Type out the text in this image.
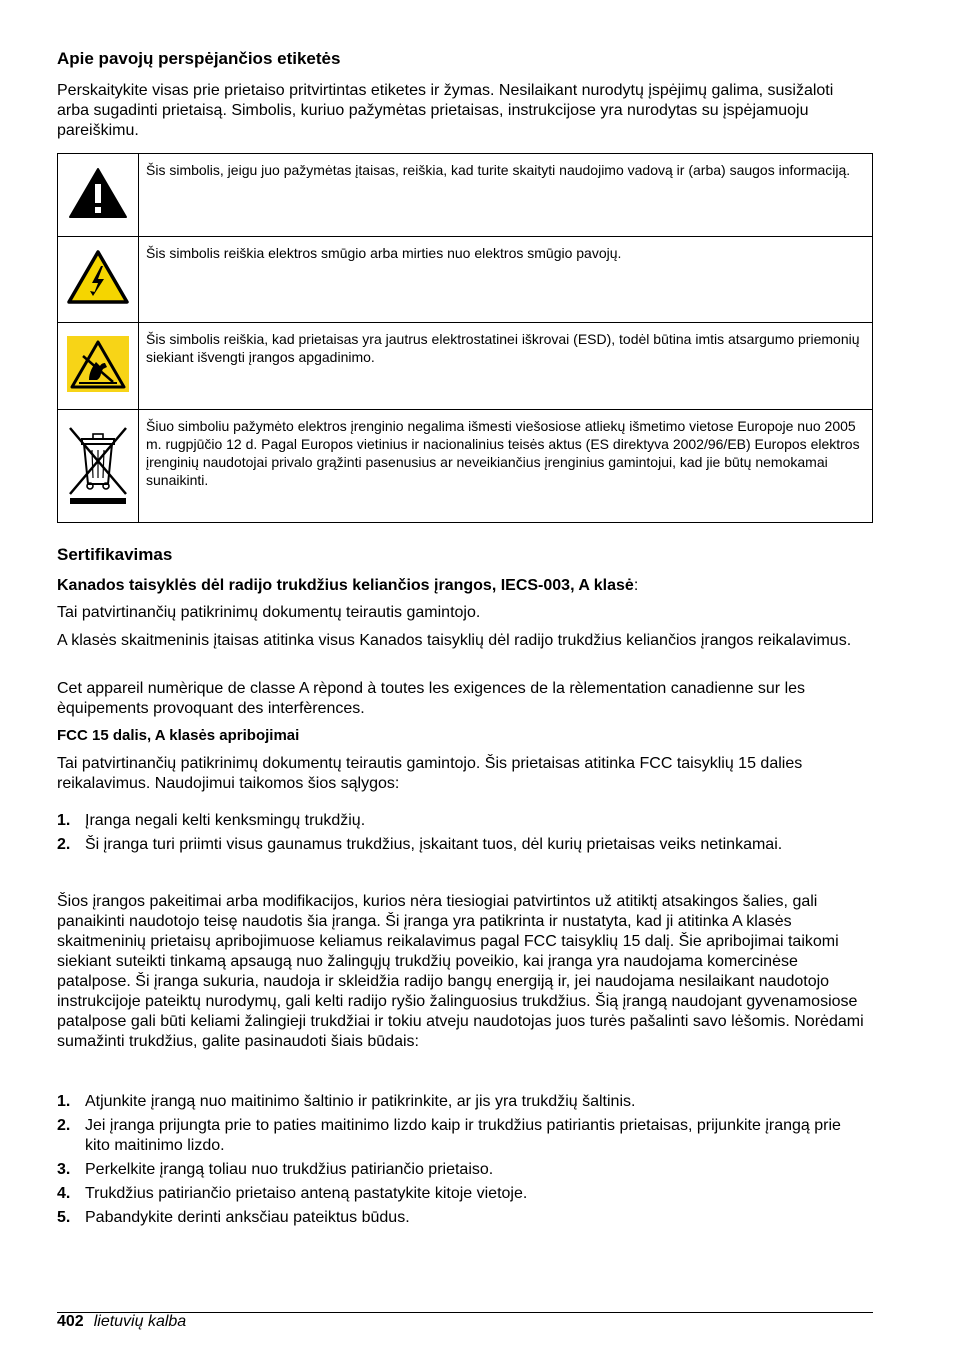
Apie pavojų perspėjančios etiketės

Perskaitykite visas prie prietaiso pritvirtintas etiketes ir žymas. Nesilaikant nurodytų įspėjimų galima, susižaloti arba sugadinti prietaisą. Simbolis, kuriuo pažymėtas prietaisas, instrukcijose yra nurodytas su įspėjamuoju pareiškimu.

	Šis simbolis, jeigu juo pažymėtas įtaisas, reiškia, kad turite skaityti naudojimo vadovą ir (arba) saugos informaciją.
	Šis simbolis reiškia elektros smūgio arba mirties nuo elektros smūgio pavojų.
	Šis simbolis reiškia, kad prietaisas yra jautrus elektrostatinei iškrovai (ESD), todėl būtina imtis atsargumo priemonių siekiant išvengti įrangos apgadinimo.
	Šiuo simboliu pažymėto elektros įrenginio negalima išmesti viešosiose atliekų išmetimo vietose Europoje nuo 2005 m. rugpjūčio 12 d. Pagal Europos vietinius ir nacionalinius teisės aktus (ES direktyva 2002/96/EB) Europos elektros įrenginių naudotojai privalo grąžinti pasenusius ar neveikiančius įrenginius gamintojui, kad jie būtų nemokamai sunaikinti.
Sertifikavimas
Kanados taisyklės dėl radijo trukdžius keliančios įrangos, IECS-003, A klasė:

Tai patvirtinančių patikrinimų dokumentų teirautis gamintojo.

A klasės skaitmeninis įtaisas atitinka visus Kanados taisyklių dėl radijo trukdžius keliančios įrangos reikalavimus.

Cet appareil numèrique de classe A rèpond à toutes les exigences de la rèlementation canadienne sur les èquipements provoquant des interfèrences.

FCC 15 dalis, A klasės apribojimai

Tai patvirtinančių patikrinimų dokumentų teirautis gamintojo. Šis prietaisas atitinka FCC taisyklių 15 dalies reikalavimus. Naudojimui taikomos šios sąlygos:

1. Įranga negali kelti kenksmingų trukdžių.
2. Ši įranga turi priimti visus gaunamus trukdžius, įskaitant tuos, dėl kurių prietaisas veiks netinkamai.

Šios įrangos pakeitimai arba modifikacijos, kurios nėra tiesiogiai patvirtintos už atitiktį atsakingos šalies, gali panaikinti naudotojo teisę naudotis šia įranga. Ši įranga yra patikrinta ir nustatyta, kad ji atitinka A klasės skaitmeninių prietaisų apribojimuose keliamus reikalavimus pagal FCC taisyklių 15 dalį. Šie apribojimai taikomi siekiant suteikti tinkamą apsaugą nuo žalingųjų trukdžių poveikio, kai įranga yra naudojama komercinėse patalpose. Ši įranga sukuria, naudoja ir skleidžia radijo bangų energiją ir, jei naudojama nesilaikant naudotojo instrukcijoje pateiktų nurodymų, gali kelti radijo ryšio žalinguosius trukdžius. Šią įrangą naudojant gyvenamosiose patalpose gali būti keliami žalingieji trukdžiai ir tokiu atveju naudotojas juos turės pašalinti savo lėšomis. Norėdami sumažinti trukdžius, galite pasinaudoti šiais būdais:

1. Atjunkite įrangą nuo maitinimo šaltinio ir patikrinkite, ar jis yra trukdžių šaltinis.
2. Jei įranga prijungta prie to paties maitinimo lizdo kaip ir trukdžius patiriantis prietaisas, prijunkite įrangą prie kito maitinimo lizdo.
3. Perkelkite įrangą toliau nuo trukdžius patiriančio prietaiso.
4. Trukdžius patiriančio prietaiso anteną pastatykite kitoje vietoje.
5. Pabandykite derinti anksčiau pateiktus būdus.
402 lietuvių kalba
